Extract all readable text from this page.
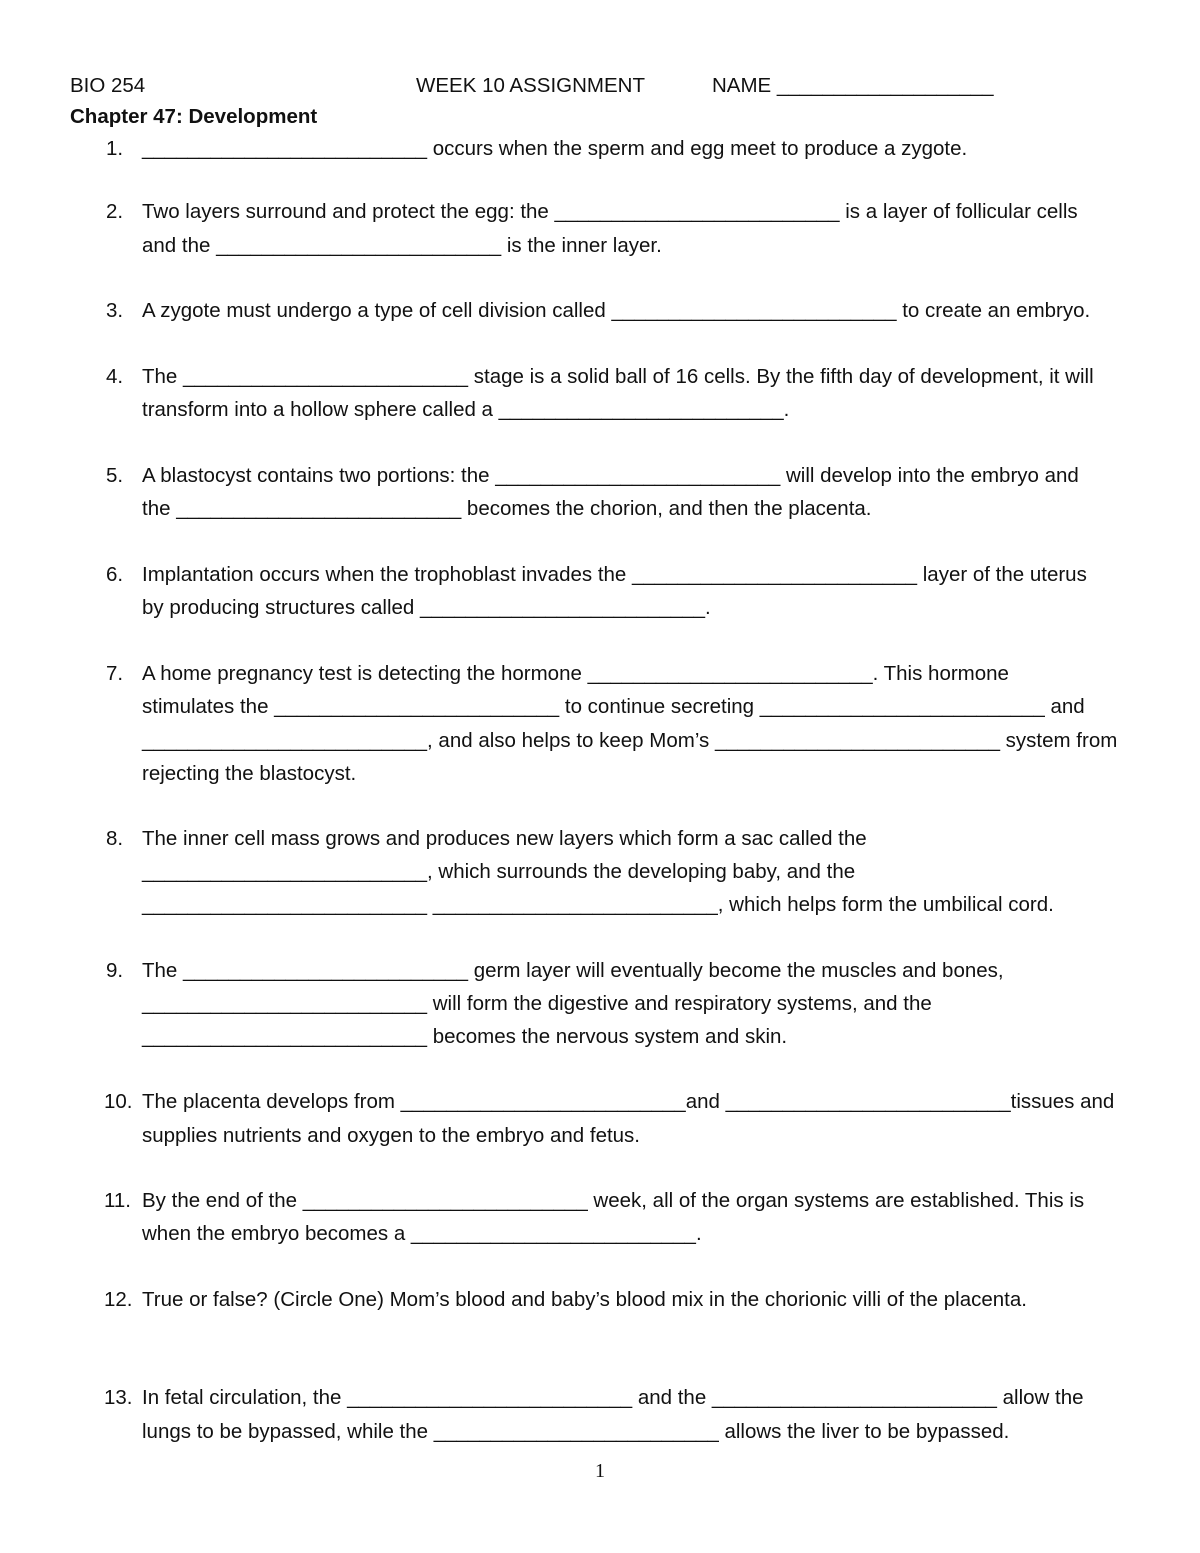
BIO 254	WEEK 10 ASSIGNMENT	NAME ___________________
Chapter 47: Development
1. _________________________ occurs when the sperm and egg meet to produce a zygote.
2. Two layers surround and protect the egg: the _________________________ is a layer of follicular cells
and the _________________________ is the inner layer.
3. A zygote must undergo a type of cell division called _________________________ to create an embryo.
4. The _________________________ stage is a solid ball of 16 cells. By the fifth day of development, it will
transform into a hollow sphere called a _________________________.
5. A blastocyst contains two portions: the _________________________ will develop into the embryo and
the _________________________ becomes the chorion, and then the placenta.
6. Implantation occurs when the trophoblast invades the _________________________ layer of the uterus
by producing structures called _________________________.
7. A home pregnancy test is detecting the hormone _________________________. This hormone
stimulates the _________________________ to continue secreting _________________________ and
_________________________, and also helps to keep Mom’s _________________________ system from
rejecting the blastocyst.
8. The inner cell mass grows and produces new layers which form a sac called the
_________________________, which surrounds the developing baby, and the
_________________________ _________________________, which helps form the umbilical cord.
9. The _________________________ germ layer will eventually become the muscles and bones,
_________________________ will form the digestive and respiratory systems, and the
_________________________ becomes the nervous system and skin.
10. The placenta develops from _________________________and _________________________tissues and
supplies nutrients and oxygen to the embryo and fetus.
11. By the end of the _________________________ week, all of the organ systems are established. This is
when the embryo becomes a _________________________.
12. True or false? (Circle One) Mom’s blood and baby’s blood mix in the chorionic villi of the placenta.
13. In fetal circulation, the _________________________ and the _________________________ allow the
lungs to be bypassed, while the _________________________ allows the liver to be bypassed.
1
